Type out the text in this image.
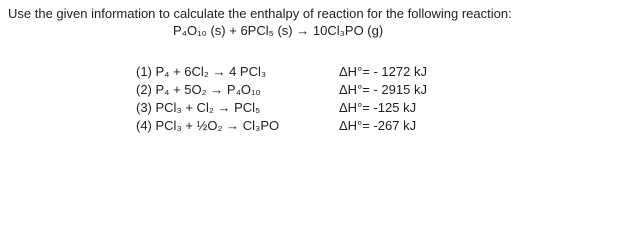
Use the given information to calculate the enthalpy of reaction for the following reaction:
P₄O₁₀ (s) + 6PCl₅ (s) → 10Cl₃PO (g)
(1) P₄ + 6Cl₂ → 4 PCl₃	ΔH°= - 1272 kJ
(2) P₄ + 5O₂ → P₄O₁₀	ΔH°= - 2915 kJ
(3) PCl₃ + Cl₂ → PCl₅	ΔH°= -125 kJ
(4) PCl₃ + ½O₂ → Cl₃PO	ΔH°= -267 kJ
